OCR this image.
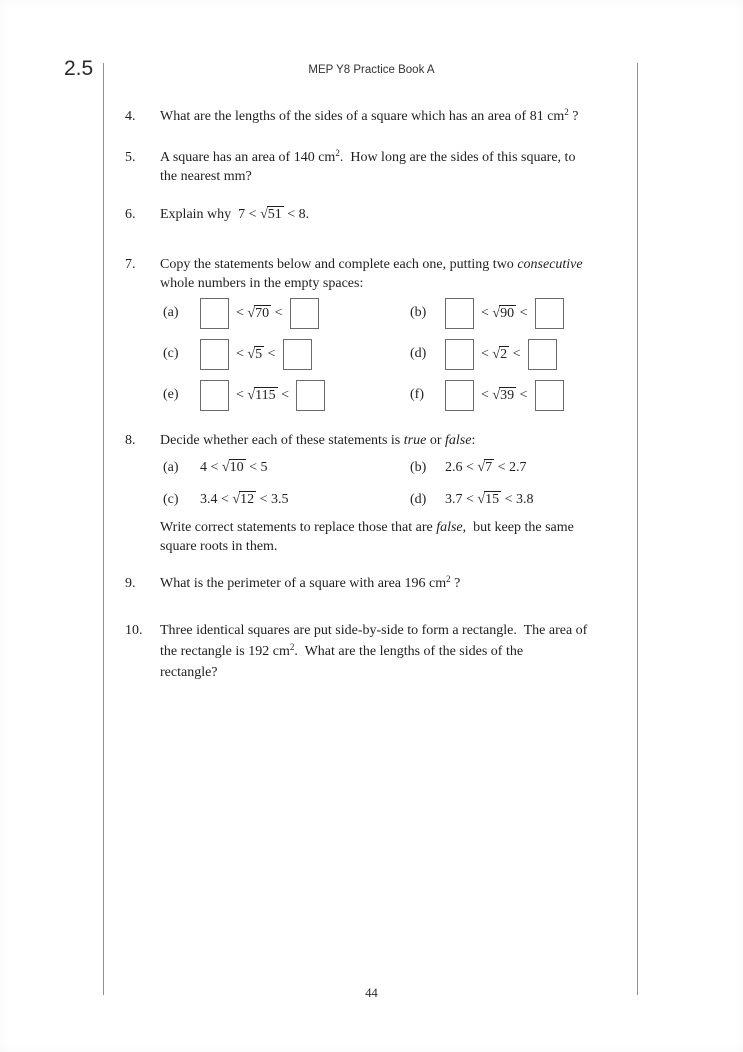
2.5	MEP Y8 Practice Book A
4. What are the lengths of the sides of a square which has an area of 81 $cm^2$ ?
5. A square has an area of 140 $cm^2$.  How long are the sides of this square, to
the nearest mm?
6. Explain why  7 < √51 < 8.
7. Copy the statements below and complete each one, putting two consecutive
whole numbers in the empty spaces:
(a)	< √70 <	(b)	< √90 <
(c)	< √5 <	(d)	< √2 <
(e)	< √115 <	(f)	< √39 <
8. Decide whether each of these statements is true or false:
(a) 4 < √10 < 5	(b) 2.6 < √7 < 2.7
(c) 3.4 < √12 < 3.5	(d) 3.7 < √15 < 3.8
Write correct statements to replace those that are false,  but keep the same
square roots in them.
9. What is the perimeter of a square with area 196 $cm^2$ ?
10. Three identical squares are put side-by-side to form a rectangle.  The area of
the rectangle is 192 $cm^2$.  What are the lengths of the sides of the
rectangle?
44
